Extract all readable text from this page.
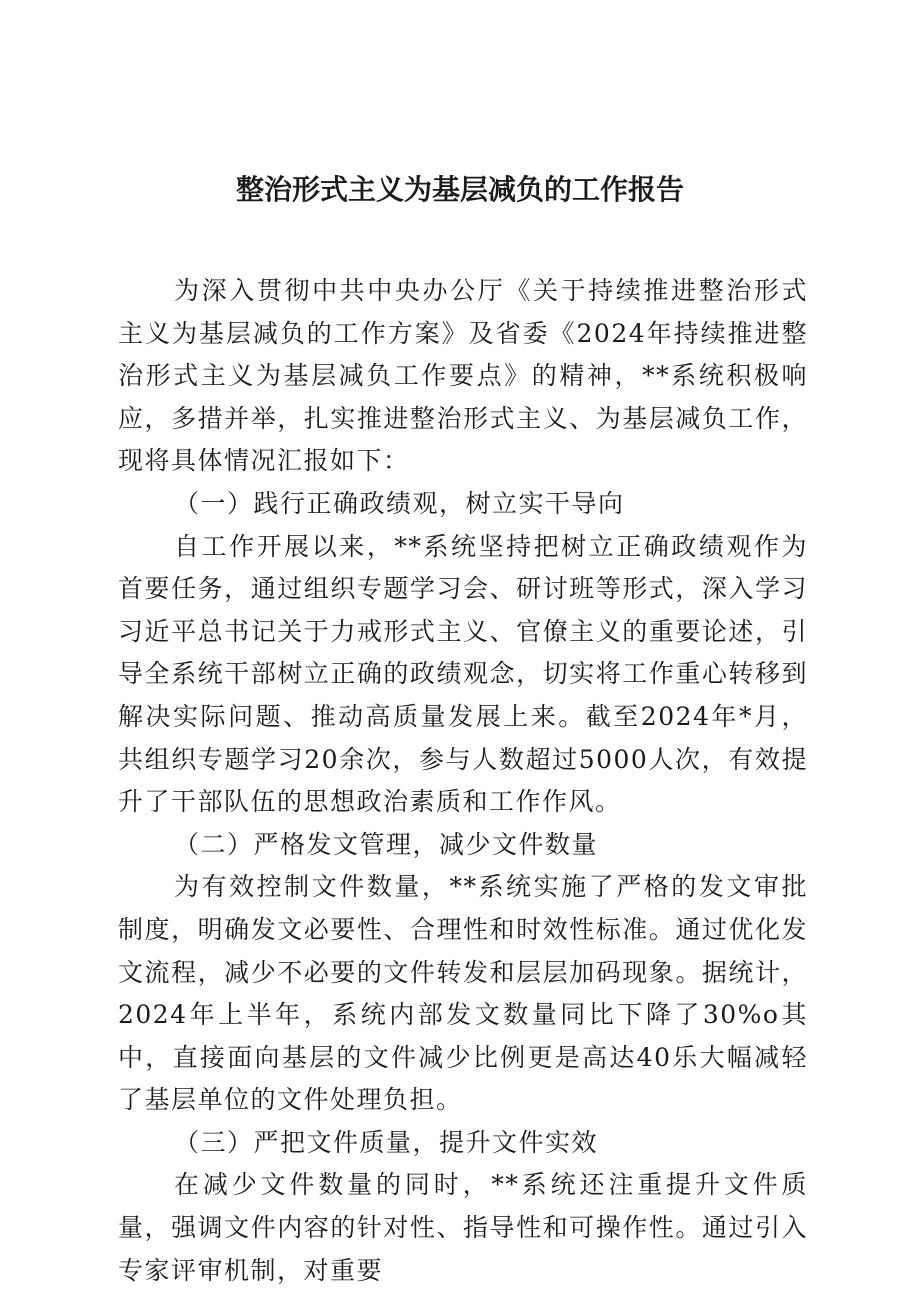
整治形式主义为基层减负的工作报告

为深入贯彻中共中央办公厅《关于持续推进整治形式主义为基层减负的工作方案》及省委《2024年持续推进整治形式主义为基层减负工作要点》的精神，**系统积极响应，多措并举，扎实推进整治形式主义、为基层减负工作，现将具体情况汇报如下：

（一）践行正确政绩观，树立实干导向

自工作开展以来，**系统坚持把树立正确政绩观作为首要任务，通过组织专题学习会、研讨班等形式，深入学习习近平总书记关于力戒形式主义、官僚主义的重要论述，引导全系统干部树立正确的政绩观念，切实将工作重心转移到解决实际问题、推动高质量发展上来。截至2024年*月，共组织专题学习20余次，参与人数超过5000人次，有效提升了干部队伍的思想政治素质和工作作风。

（二）严格发文管理，减少文件数量

为有效控制文件数量，**系统实施了严格的发文审批制度，明确发文必要性、合理性和时效性标准。通过优化发文流程，减少不必要的文件转发和层层加码现象。据统计，2024年上半年，系统内部发文数量同比下降了30%o其中，直接面向基层的文件减少比例更是高达40乐大幅减轻了基层单位的文件处理负担。

（三）严把文件质量，提升文件实效

在减少文件数量的同时，**系统还注重提升文件质量，强调文件内容的针对性、指导性和可操作性。通过引入专家评审机制，对重要
